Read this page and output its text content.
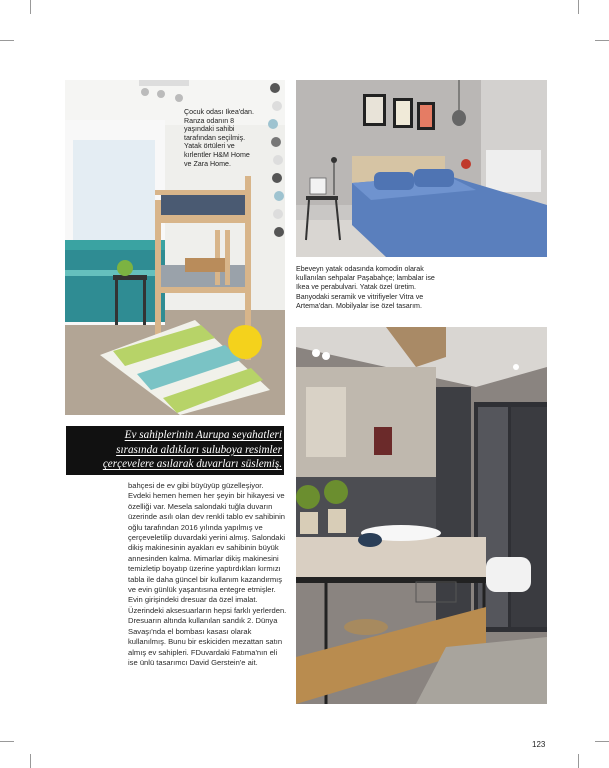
Çocuk odası Ikea'dan.
Ranza odanın 8
yaşındaki sahibi
tarafından seçilmiş.
Yatak örtüleri ve
kırlentler H&M Home
ve Zara Home.
Ebeveyn yatak odasında komodin olarak
kullanılan sehpalar Paşabahçe; lambalar ise
Ikea ve perabulvari. Yatak özel üretim.
Banyodaki seramik ve vitrifiyeler Vitra ve
Artema'dan. Mobilyalar ise özel tasarım.
Ev sahiplerinin Aurupa seyahatleri
sırasında aldıkları suluboya resimler
çerçevelere asılarak duvarları süslemiş.

bahçesi de ev gibi büyüyüp güzelleşiyor. Evdeki hemen hemen her şeyin bir hikayesi ve özelliği var. Mesela salondaki tuğla duvarın üzerinde asılı olan dev renkli tablo ev sahibinin oğlu tarafından 2016 yılında yapılmış ve çerçeveletilip duvardaki yerini almış. Salondaki dikiş makinesinin ayakları ev sahibinin büyük annesinden kalma. Mimarlar dikiş makinesini temizletip boyatıp üzerine yaptırdıkları kırmızı tabla ile daha güncel bir kullanım kazandırmış ve evin günlük yaşantısına entegre etmişler.

Evin girişindeki dresuar da özel imalat. Üzerindeki aksesuarların hepsi farklı yerlerden. Dresuarın altında kullanılan sandık 2. Dünya Savaşı'nda el bombası kasası olarak kullanılmış. Bunu bir eskiciden mezattan satın almış ev sahipleri. FDuvardaki Fatıma'nın eli ise ünlü tasarımcı David Gerstein'e ait.

123
